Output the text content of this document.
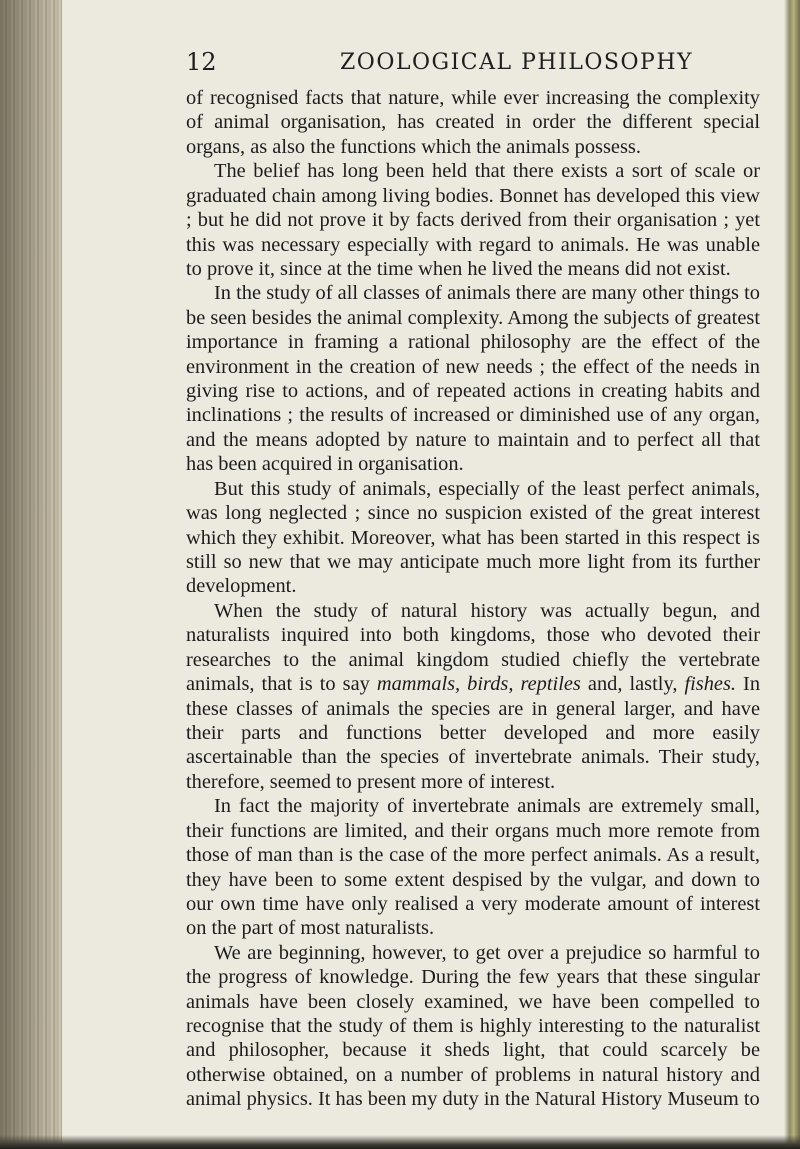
12	ZOOLOGICAL PHILOSOPHY

of recognised facts that nature, while ever increasing the complexity of animal organisation, has created in order the different special organs, as also the functions which the animals possess.

The belief has long been held that there exists a sort of scale or graduated chain among living bodies. Bonnet has developed this view ; but he did not prove it by facts derived from their organisation ; yet this was necessary especially with regard to animals. He was unable to prove it, since at the time when he lived the means did not exist.

In the study of all classes of animals there are many other things to be seen besides the animal complexity. Among the subjects of greatest importance in framing a rational philosophy are the effect of the environment in the creation of new needs ; the effect of the needs in giving rise to actions, and of repeated actions in creating habits and inclinations ; the results of increased or diminished use of any organ, and the means adopted by nature to maintain and to perfect all that has been acquired in organisation.

But this study of animals, especially of the least perfect animals, was long neglected ; since no suspicion existed of the great interest which they exhibit. Moreover, what has been started in this respect is still so new that we may anticipate much more light from its further development.

When the study of natural history was actually begun, and naturalists inquired into both kingdoms, those who devoted their researches to the animal kingdom studied chiefly the vertebrate animals, that is to say mammals, birds, reptiles and, lastly, fishes. In these classes of animals the species are in general larger, and have their parts and functions better developed and more easily ascertainable than the species of invertebrate animals. Their study, therefore, seemed to present more of interest.

In fact the majority of invertebrate animals are extremely small, their functions are limited, and their organs much more remote from those of man than is the case of the more perfect animals. As a result, they have been to some extent despised by the vulgar, and down to our own time have only realised a very moderate amount of interest on the part of most naturalists.

We are beginning, however, to get over a prejudice so harmful to the progress of knowledge. During the few years that these singular animals have been closely examined, we have been compelled to recognise that the study of them is highly interesting to the naturalist and philosopher, because it sheds light, that could scarcely be otherwise obtained, on a number of problems in natural history and animal physics. It has been my duty in the Natural History Museum to
